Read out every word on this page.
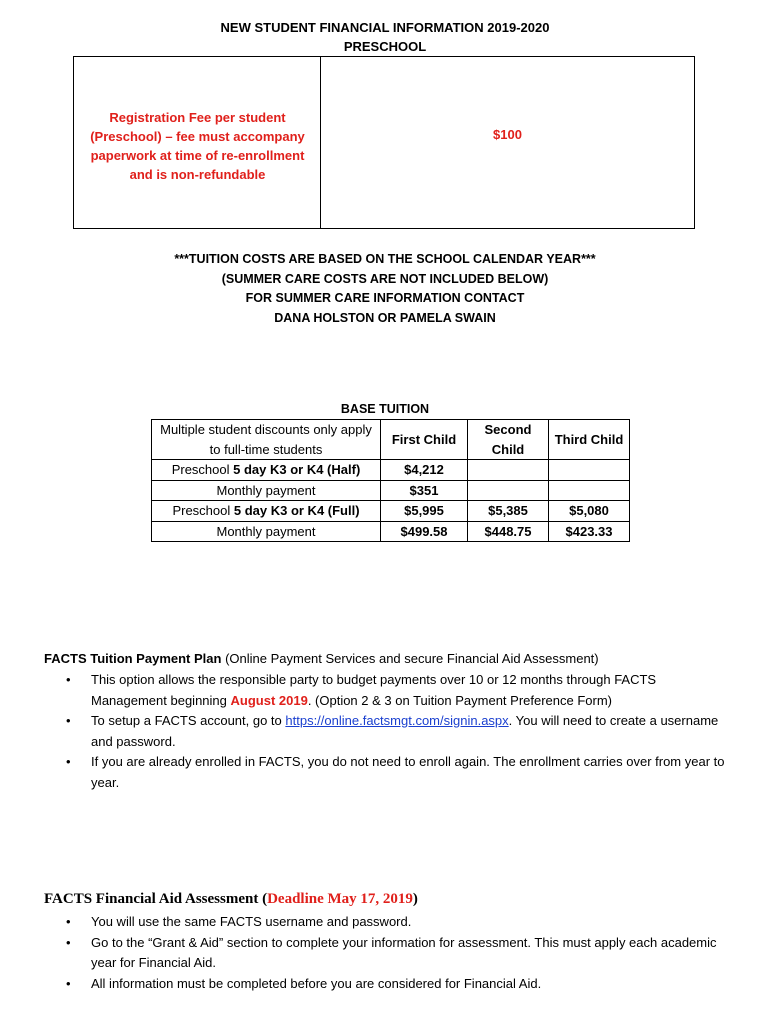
NEW STUDENT FINANCIAL INFORMATION 2019-2020
PRESCHOOL
Registration Fee per student (Preschool) – fee must accompany paperwork at time of re-enrollment and is non-refundable
$100
***TUITION COSTS ARE BASED ON THE SCHOOL CALENDAR YEAR***
(SUMMER CARE COSTS ARE NOT INCLUDED BELOW)
FOR SUMMER CARE INFORMATION CONTACT
DANA HOLSTON OR PAMELA SWAIN
BASE TUITION
Multiple student discounts only apply to full-time students	First Child	Second Child	Third Child
Preschool 5 day K3 or K4 (Half)	$4,212		
Monthly payment	$351		
Preschool 5 day K3 or K4 (Full)	$5,995	$5,385	$5,080
Monthly payment	$499.58	$448.75	$423.33
FACTS Tuition Payment Plan (Online Payment Services and secure Financial Aid Assessment)
• This option allows the responsible party to budget payments over 10 or 12 months through FACTS Management beginning August 2019. (Option 2 & 3 on Tuition Payment Preference Form)
• To setup a FACTS account, go to https://online.factsmgt.com/signin.aspx. You will need to create a username and password.
• If you are already enrolled in FACTS, you do not need to enroll again. The enrollment carries over from year to year.
FACTS Financial Aid Assessment (Deadline May 17, 2019)
• You will use the same FACTS username and password.
• Go to the “Grant & Aid” section to complete your information for assessment. This must apply each academic year for Financial Aid.
• All information must be completed before you are considered for Financial Aid.
